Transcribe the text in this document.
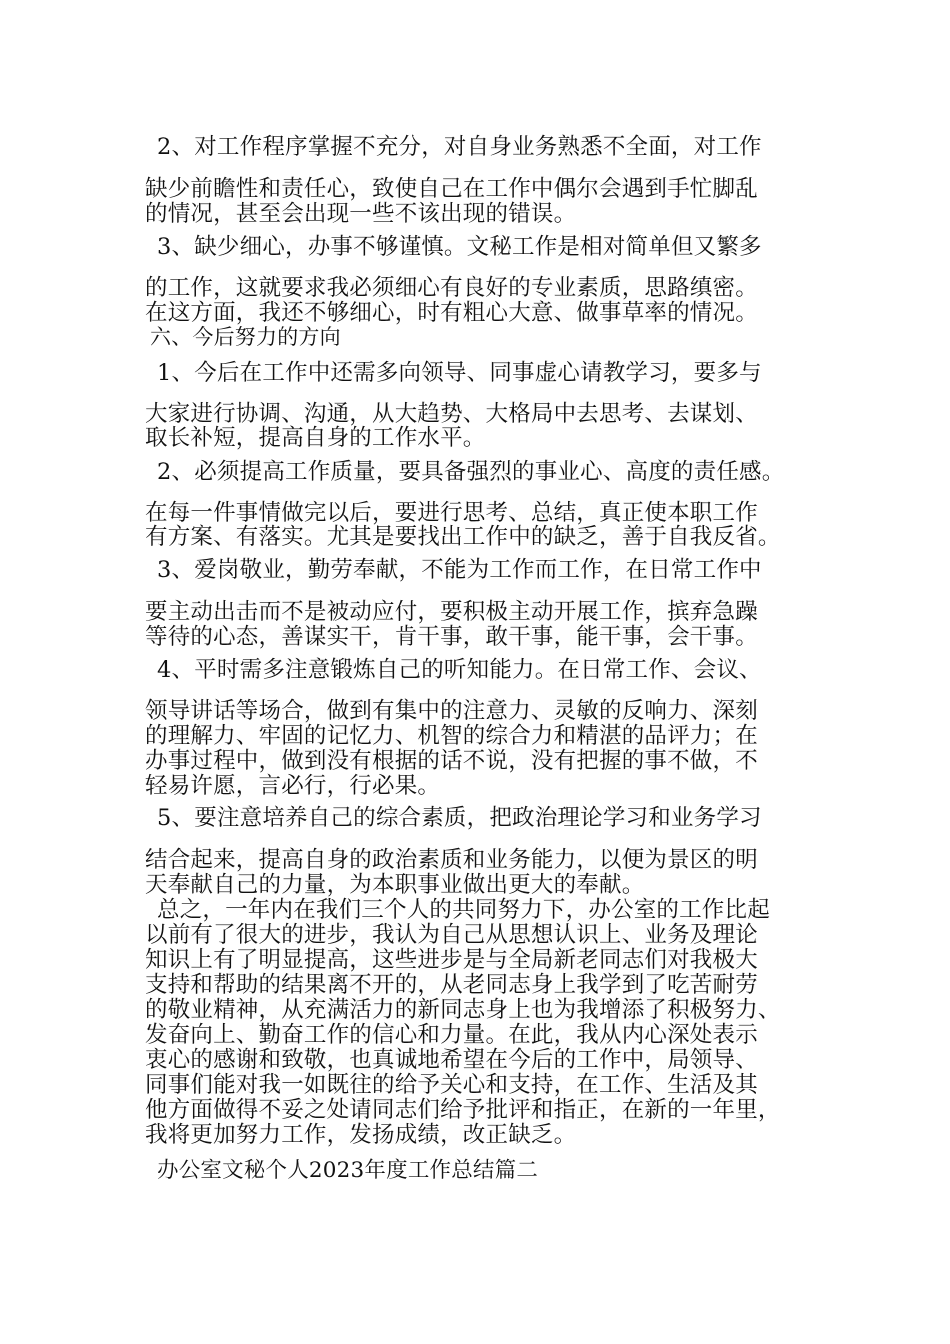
2、对工作程序掌握不充分，对自身业务熟悉不全面，对工作
缺少前瞻性和责任心，致使自己在工作中偶尔会遇到手忙脚乱
的情况，甚至会出现一些不该出现的错误。
3、缺少细心，办事不够谨慎。文秘工作是相对简单但又繁多
的工作，这就要求我必须细心有良好的专业素质，思路缜密。
在这方面，我还不够细心，时有粗心大意、做事草率的情况。
六、今后努力的方向
1、今后在工作中还需多向领导、同事虚心请教学习，要多与
大家进行协调、沟通，从大趋势、大格局中去思考、去谋划、
取长补短，提高自身的工作水平。
2、必须提高工作质量，要具备强烈的事业心、高度的责任感。
在每一件事情做完以后，要进行思考、总结，真正使本职工作
有方案、有落实。尤其是要找出工作中的缺乏，善于自我反省。
3、爱岗敬业，勤劳奉献，不能为工作而工作，在日常工作中
要主动出击而不是被动应付，要积极主动开展工作，摈弃急躁
等待的心态，善谋实干，肯干事，敢干事，能干事，会干事。
4、平时需多注意锻炼自己的听知能力。在日常工作、会议、
领导讲话等场合，做到有集中的注意力、灵敏的反响力、深刻
的理解力、牢固的记忆力、机智的综合力和精湛的品评力；在
办事过程中，做到没有根据的话不说，没有把握的事不做，不
轻易许愿，言必行，行必果。
5、要注意培养自己的综合素质，把政治理论学习和业务学习
结合起来，提高自身的政治素质和业务能力，以便为景区的明
天奉献自己的力量，为本职事业做出更大的奉献。
总之，一年内在我们三个人的共同努力下，办公室的工作比起
以前有了很大的进步，我认为自己从思想认识上、业务及理论
知识上有了明显提高，这些进步是与全局新老同志们对我极大
支持和帮助的结果离不开的，从老同志身上我学到了吃苦耐劳
的敬业精神，从充满活力的新同志身上也为我增添了积极努力、
发奋向上、勤奋工作的信心和力量。在此，我从内心深处表示
衷心的感谢和致敬，也真诚地希望在今后的工作中，局领导、
同事们能对我一如既往的给予关心和支持，在工作、生活及其
他方面做得不妥之处请同志们给予批评和指正，在新的一年里，
我将更加努力工作，发扬成绩，改正缺乏。
办公室文秘个人2023年度工作总结篇二
